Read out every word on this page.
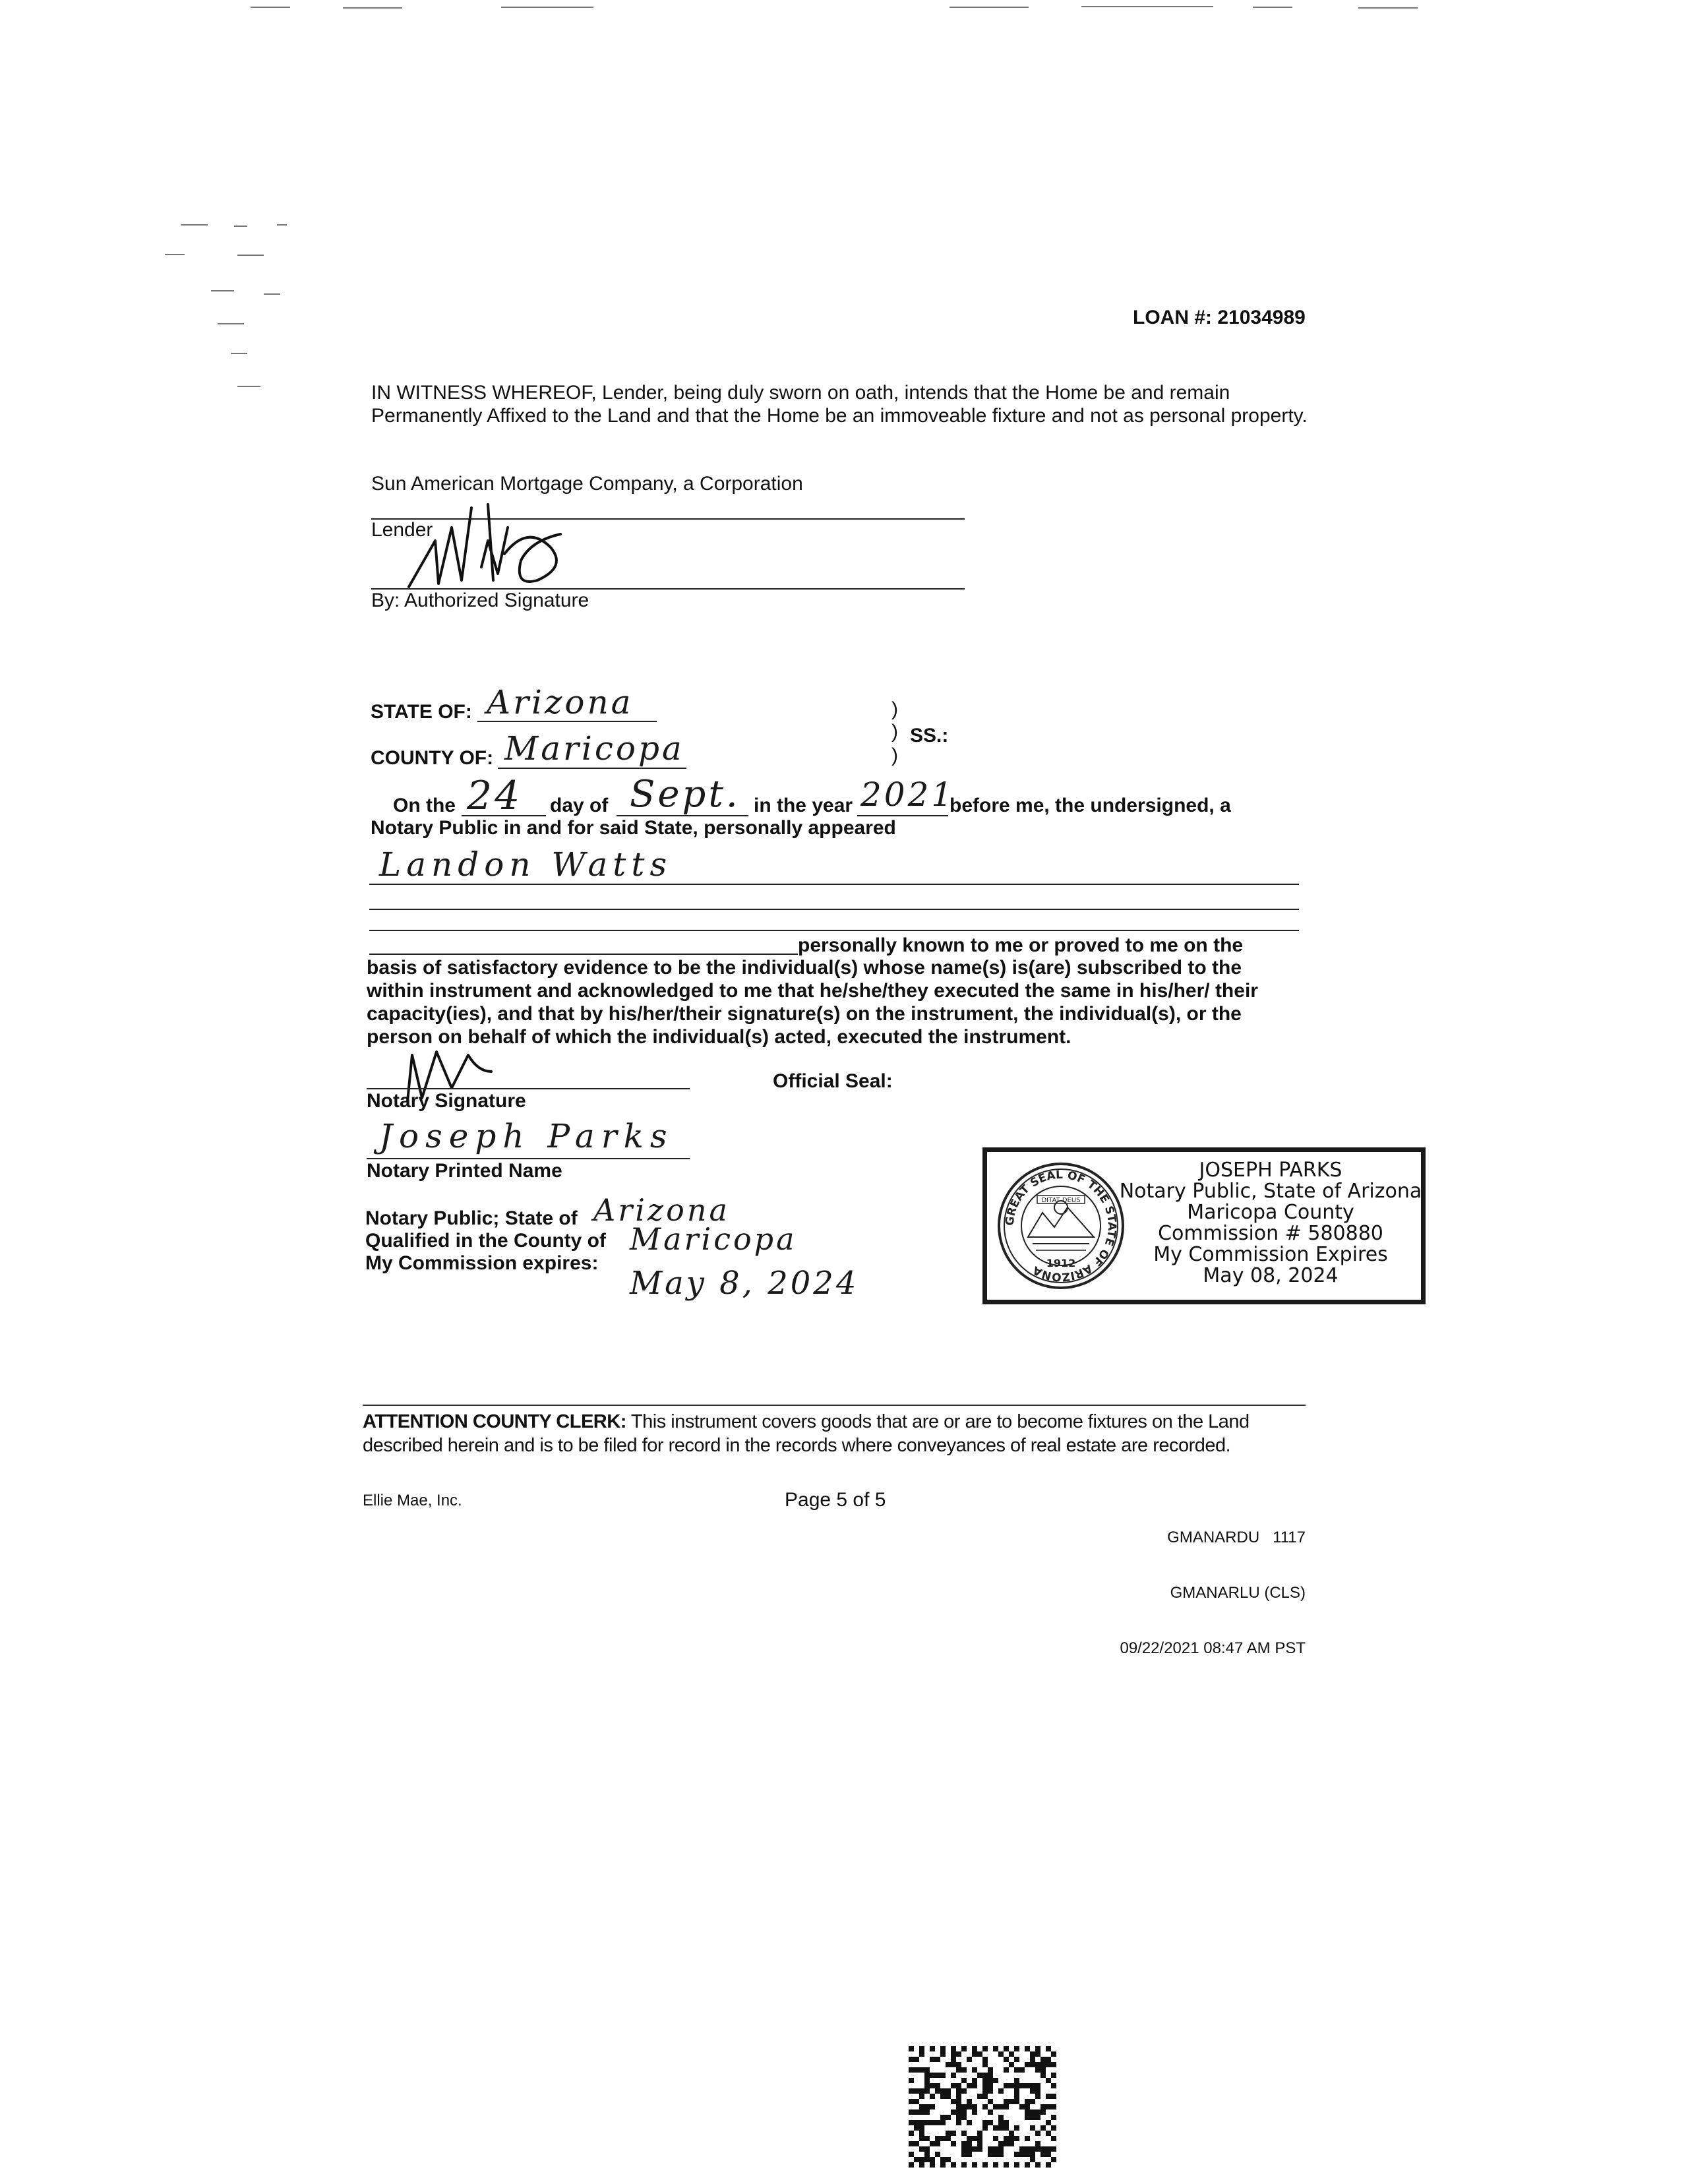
LOAN #: 21034989
IN WITNESS WHEREOF, Lender, being duly sworn on oath, intends that the Home be and remain Permanently Affixed to the Land and that the Home be an immoveable fixture and not as personal property.
Sun American Mortgage Company, a Corporation
Lender
By: Authorized Signature
STATE OF: Arizona
COUNTY OF: Maricopa
)
)
)
SS.:
On the 24 day of Sept. in the year 2021
before me, the undersigned, a
Notary Public in and for said State, personally appeared
Landon Watts
personally known to me or proved to me on the
basis of satisfactory evidence to be the individual(s) whose name(s) is(are) subscribed to the within instrument and acknowledged to me that he/she/they executed the same in his/her/ their capacity(ies), and that by his/her/their signature(s) on the instrument, the individual(s), or the person on behalf of which the individual(s) acted, executed the instrument.
Notary Signature
Official Seal:
Joseph Parks
Notary Printed Name
Notary Public; State of Arizona
Qualified in the County of Maricopa
My Commission expires:
May 8, 2024
GREAT SEAL OF THE STATE OF ARIZONA
DITAT DEUS
1912
JOSEPH PARKS
Notary Public, State of Arizona
Maricopa County
Commission # 580880
My Commission Expires
May 08, 2024
ATTENTION COUNTY CLERK: This instrument covers goods that are or are to become fixtures on the Land described herein and is to be filed for record in the records where conveyances of real estate are recorded.
Ellie Mae, Inc.	Page 5 of 5

GMANARDU   1117

GMANARLU (CLS)

09/22/2021 08:47 AM PST
